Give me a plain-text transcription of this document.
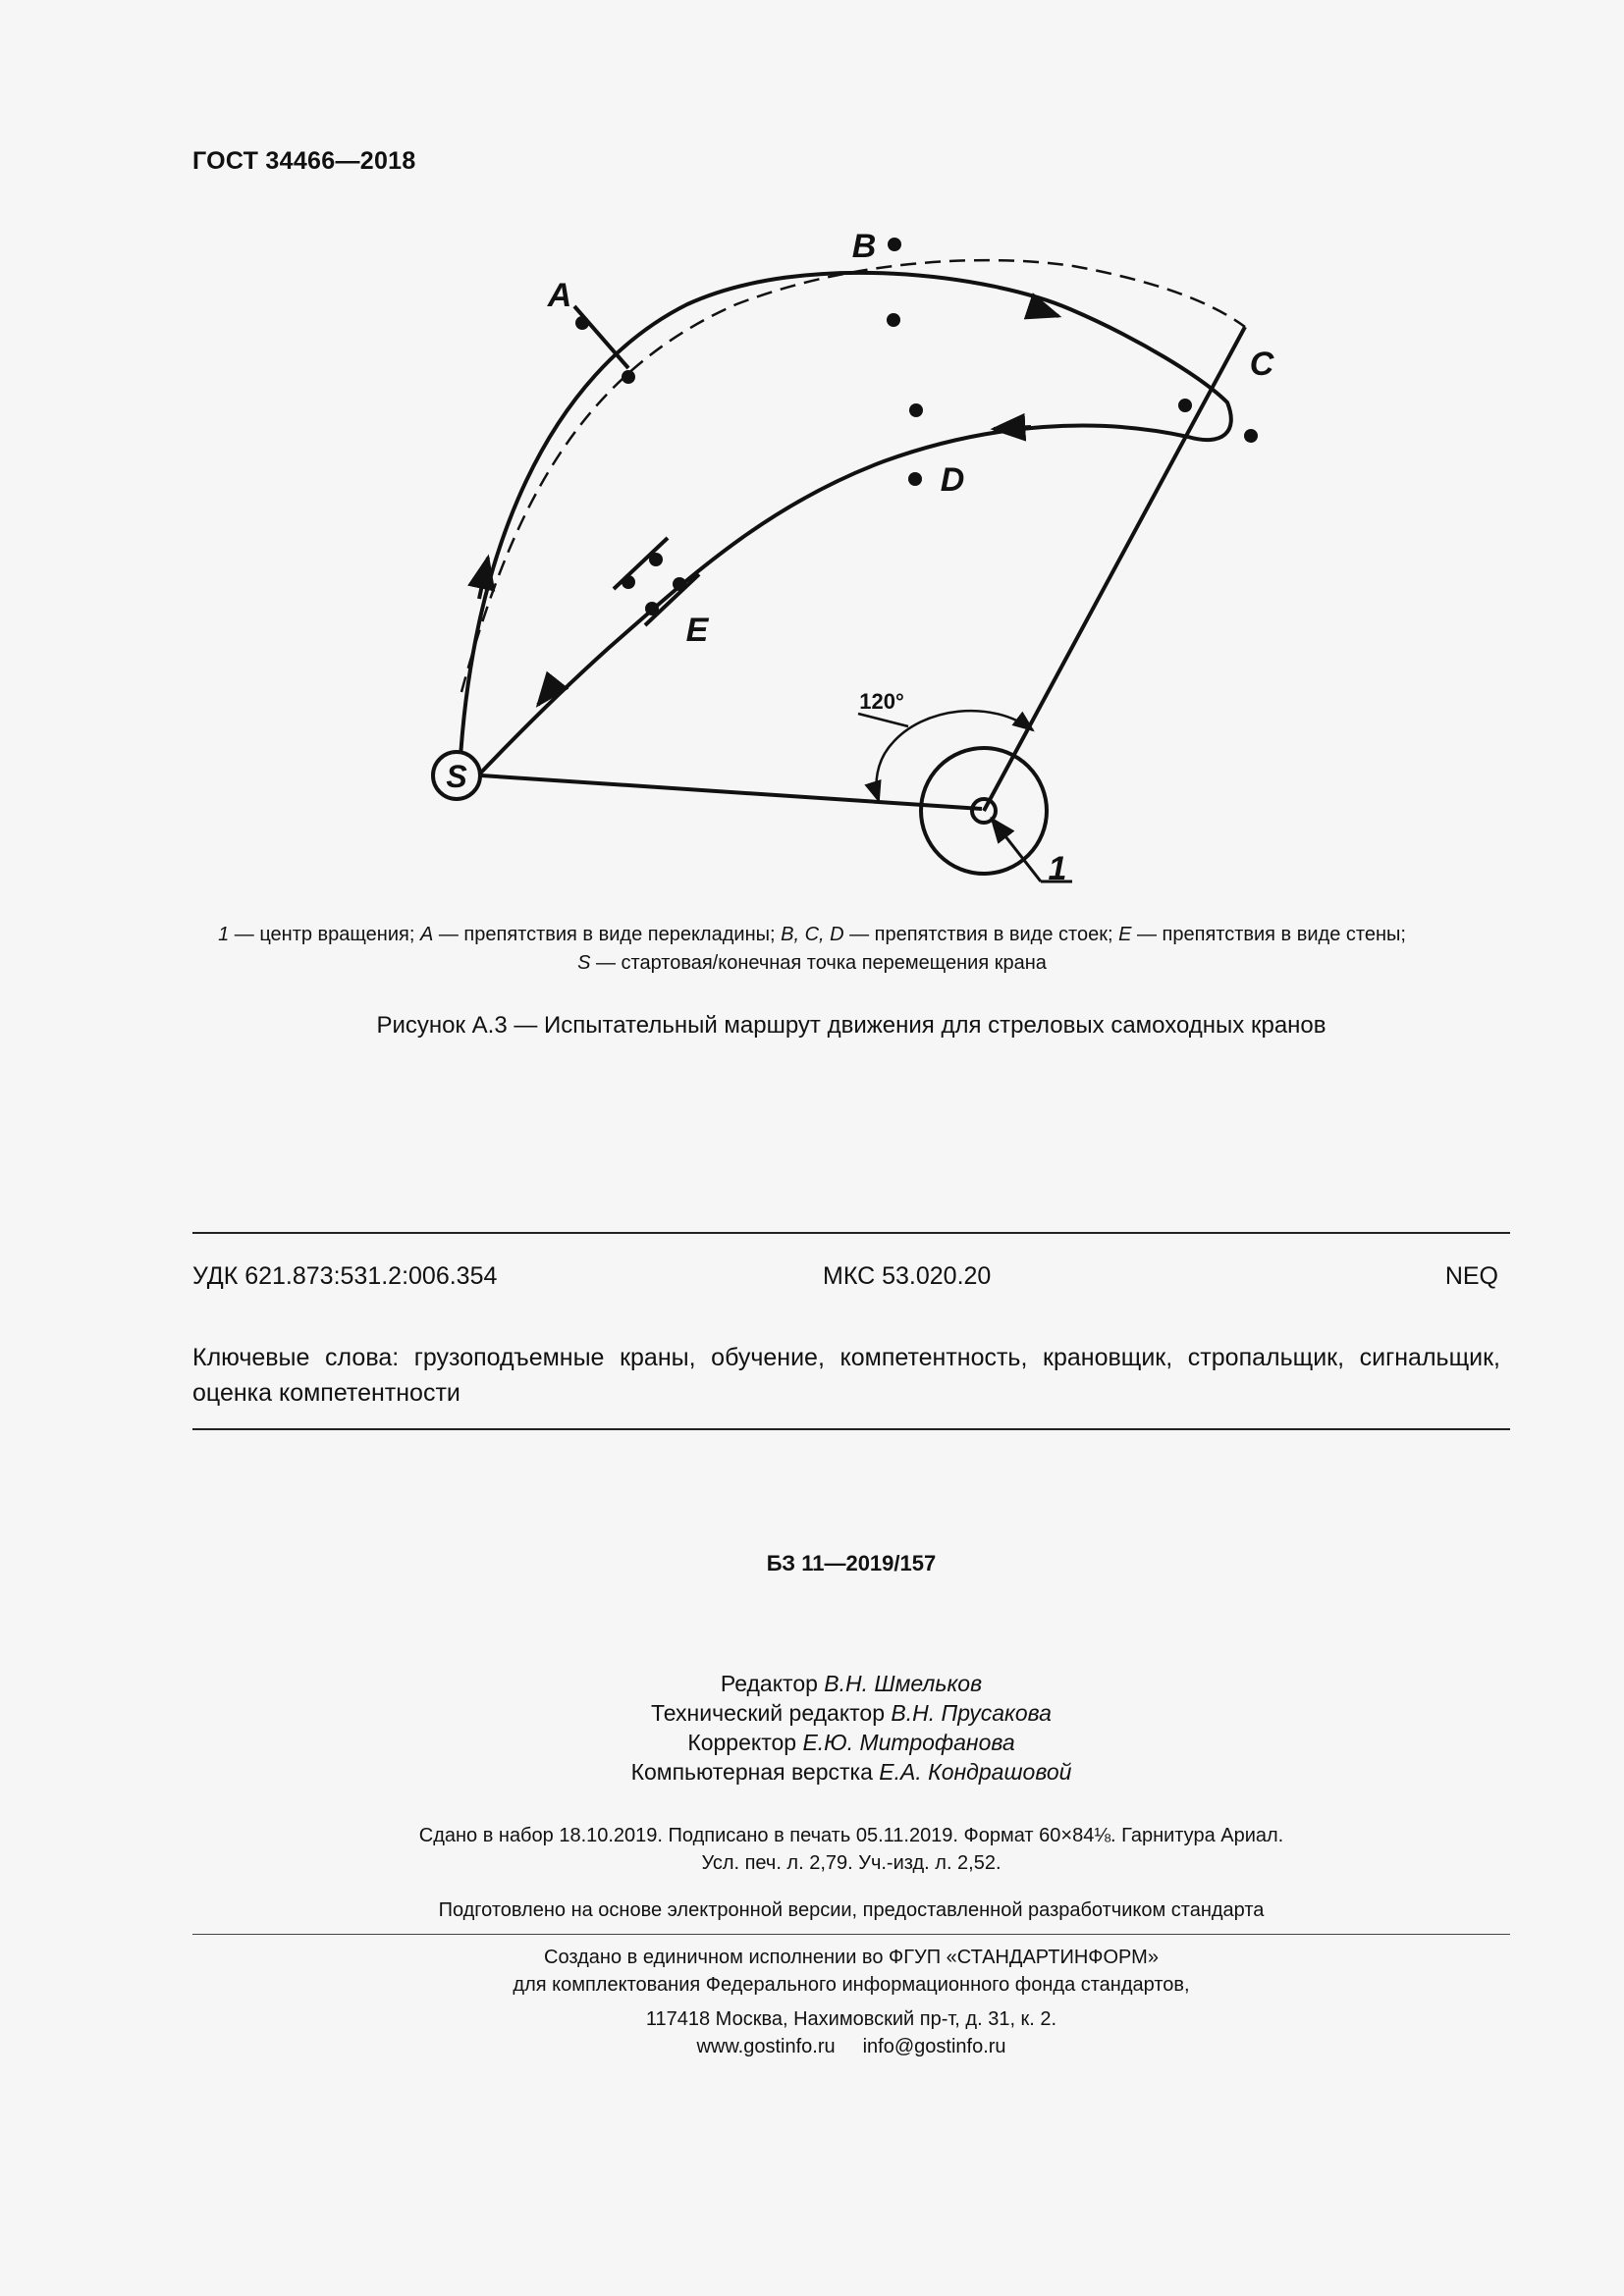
ГОСТ 34466—2018
S
1
120°
A
B
C
D
E
1 — центр вращения; A — препятствия в виде перекладины; B, C, D — препятствия в виде стоек; E — препятствия в виде стены;
S — стартовая/конечная точка перемещения крана
Рисунок А.3 — Испытательный маршрут движения для стреловых самоходных кранов
УДК 621.873:531.2:006.354	МКС 53.020.20	NEQ
Ключевые слова: грузоподъемные краны, обучение, компетентность, крановщик, стропальщик, сигнальщик, оценка компетентности
БЗ 11—2019/157
Редактор В.Н. Шмельков
Технический редактор В.Н. Прусакова
Корректор Е.Ю. Митрофанова
Компьютерная верстка Е.А. Кондрашовой
Сдано в набор 18.10.2019. Подписано в печать 05.11.2019. Формат 60×84⅛. Гарнитура Ариал.
Усл. печ. л. 2,79. Уч.-изд. л. 2,52.
Подготовлено на основе электронной версии, предоставленной разработчиком стандарта
Создано в единичном исполнении во ФГУП «СТАНДАРТИНФОРМ»
для комплектования Федерального информационного фонда стандартов,
117418 Москва, Нахимовский пр-т, д. 31, к. 2.
www.gostinfo.ru info@gostinfo.ru
